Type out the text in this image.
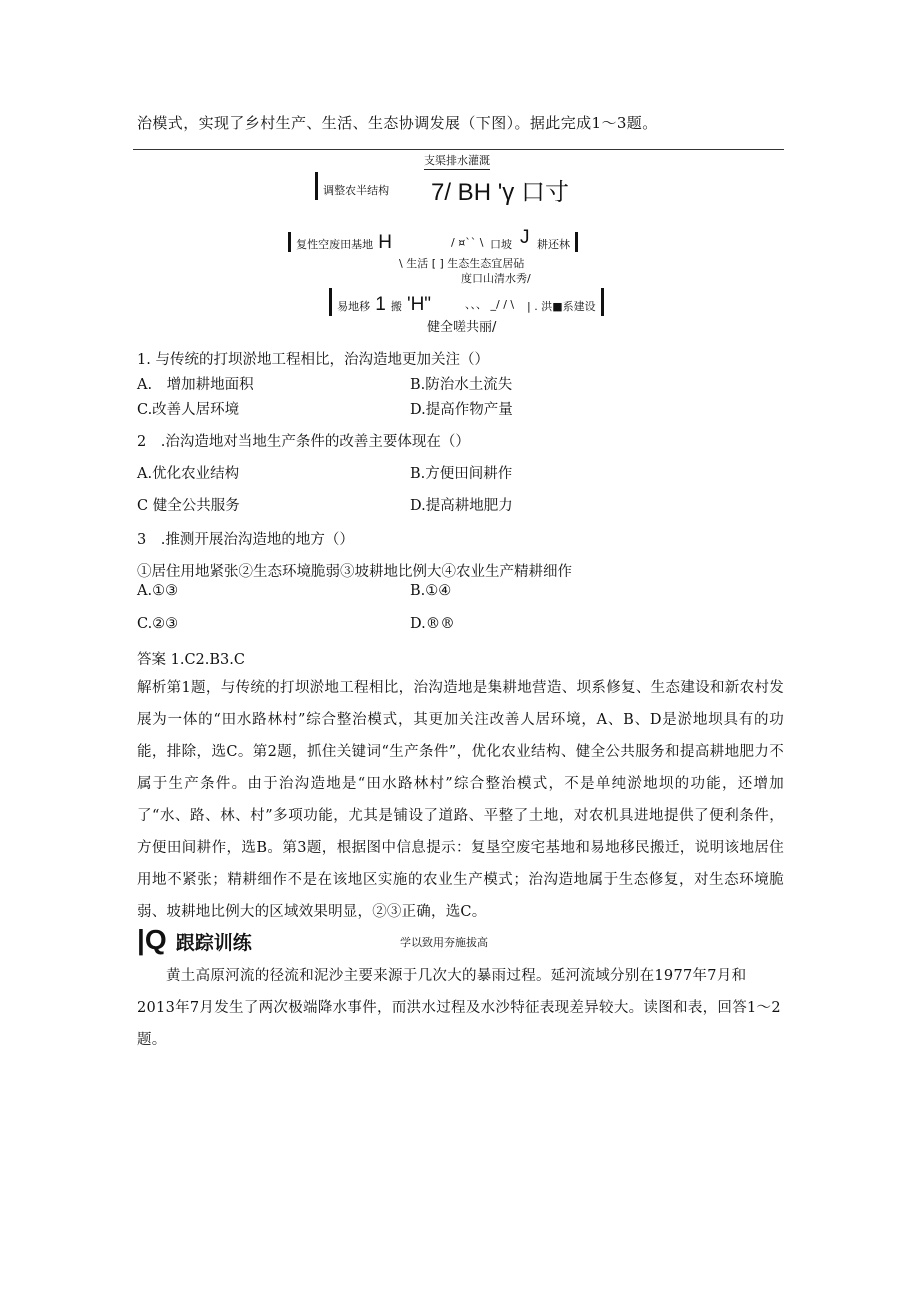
治模式，实现了乡村生产、生活、生态协调发展（下图）。据此完成1～3题。
支渠排水灌溉
调整农半结构 7/ BH 'γ 口寸
复性空废田基地 H	/ ¤`` \ 口坡 J 耕还林
\ 生活 [ ] 生态生态宜居砧
度口山清水秀/
易地移 1 搬 'H"	、、、 _/ / \ | . 洪■系建设
健全嗟共丽/
1. 与传统的打坝淤地工程相比，治沟造地更加关注（）
A.　增加耕地面积	B.防治水土流失
C.改善人居环境	D.提高作物产量
2　.治沟造地对当地生产条件的改善主要体现在（）
A.优化农业结构	B.方便田间耕作
C 健全公共服务	D.提高耕地肥力
3　.推测开展治沟造地的地方（）
①居住用地紧张②生态环境脆弱③坡耕地比例大④农业生产精耕细作
A.①③	B.①④
C.②③	D.®®
答案 1.C2.B3.C
解析第1题，与传统的打坝淤地工程相比，治沟造地是集耕地营造、坝系修复、生态建设和新农村发展为一体的“田水路林村”综合整治模式，其更加关注改善人居环境，A、B、D是淤地坝具有的功能，排除，选C。第2题，抓住关键词“生产条件”，优化农业结构、健全公共服务和提高耕地肥力不属于生产条件。由于治沟造地是“田水路林村”综合整治模式，不是单纯淤地坝的功能，还增加了“水、路、林、村”多项功能，尤其是铺设了道路、平整了土地，对农机具进地提供了便利条件，方便田间耕作，选B。第3题，根据图中信息提示：复垦空废宅基地和易地移民搬迁，说明该地居住用地不紧张；精耕细作不是在该地区实施的农业生产模式；治沟造地属于生态修复，对生态环境脆弱、坡耕地比例大的区域效果明显，②③正确，选C。
|Q 跟踪训练	学以致用夯施拔高
黄土高原河流的径流和泥沙主要来源于几次大的暴雨过程。延河流域分别在1977年7月和2013年7月发生了两次极端降水事件，而洪水过程及水沙特征表现差异较大。读图和表，回答1～2题。
